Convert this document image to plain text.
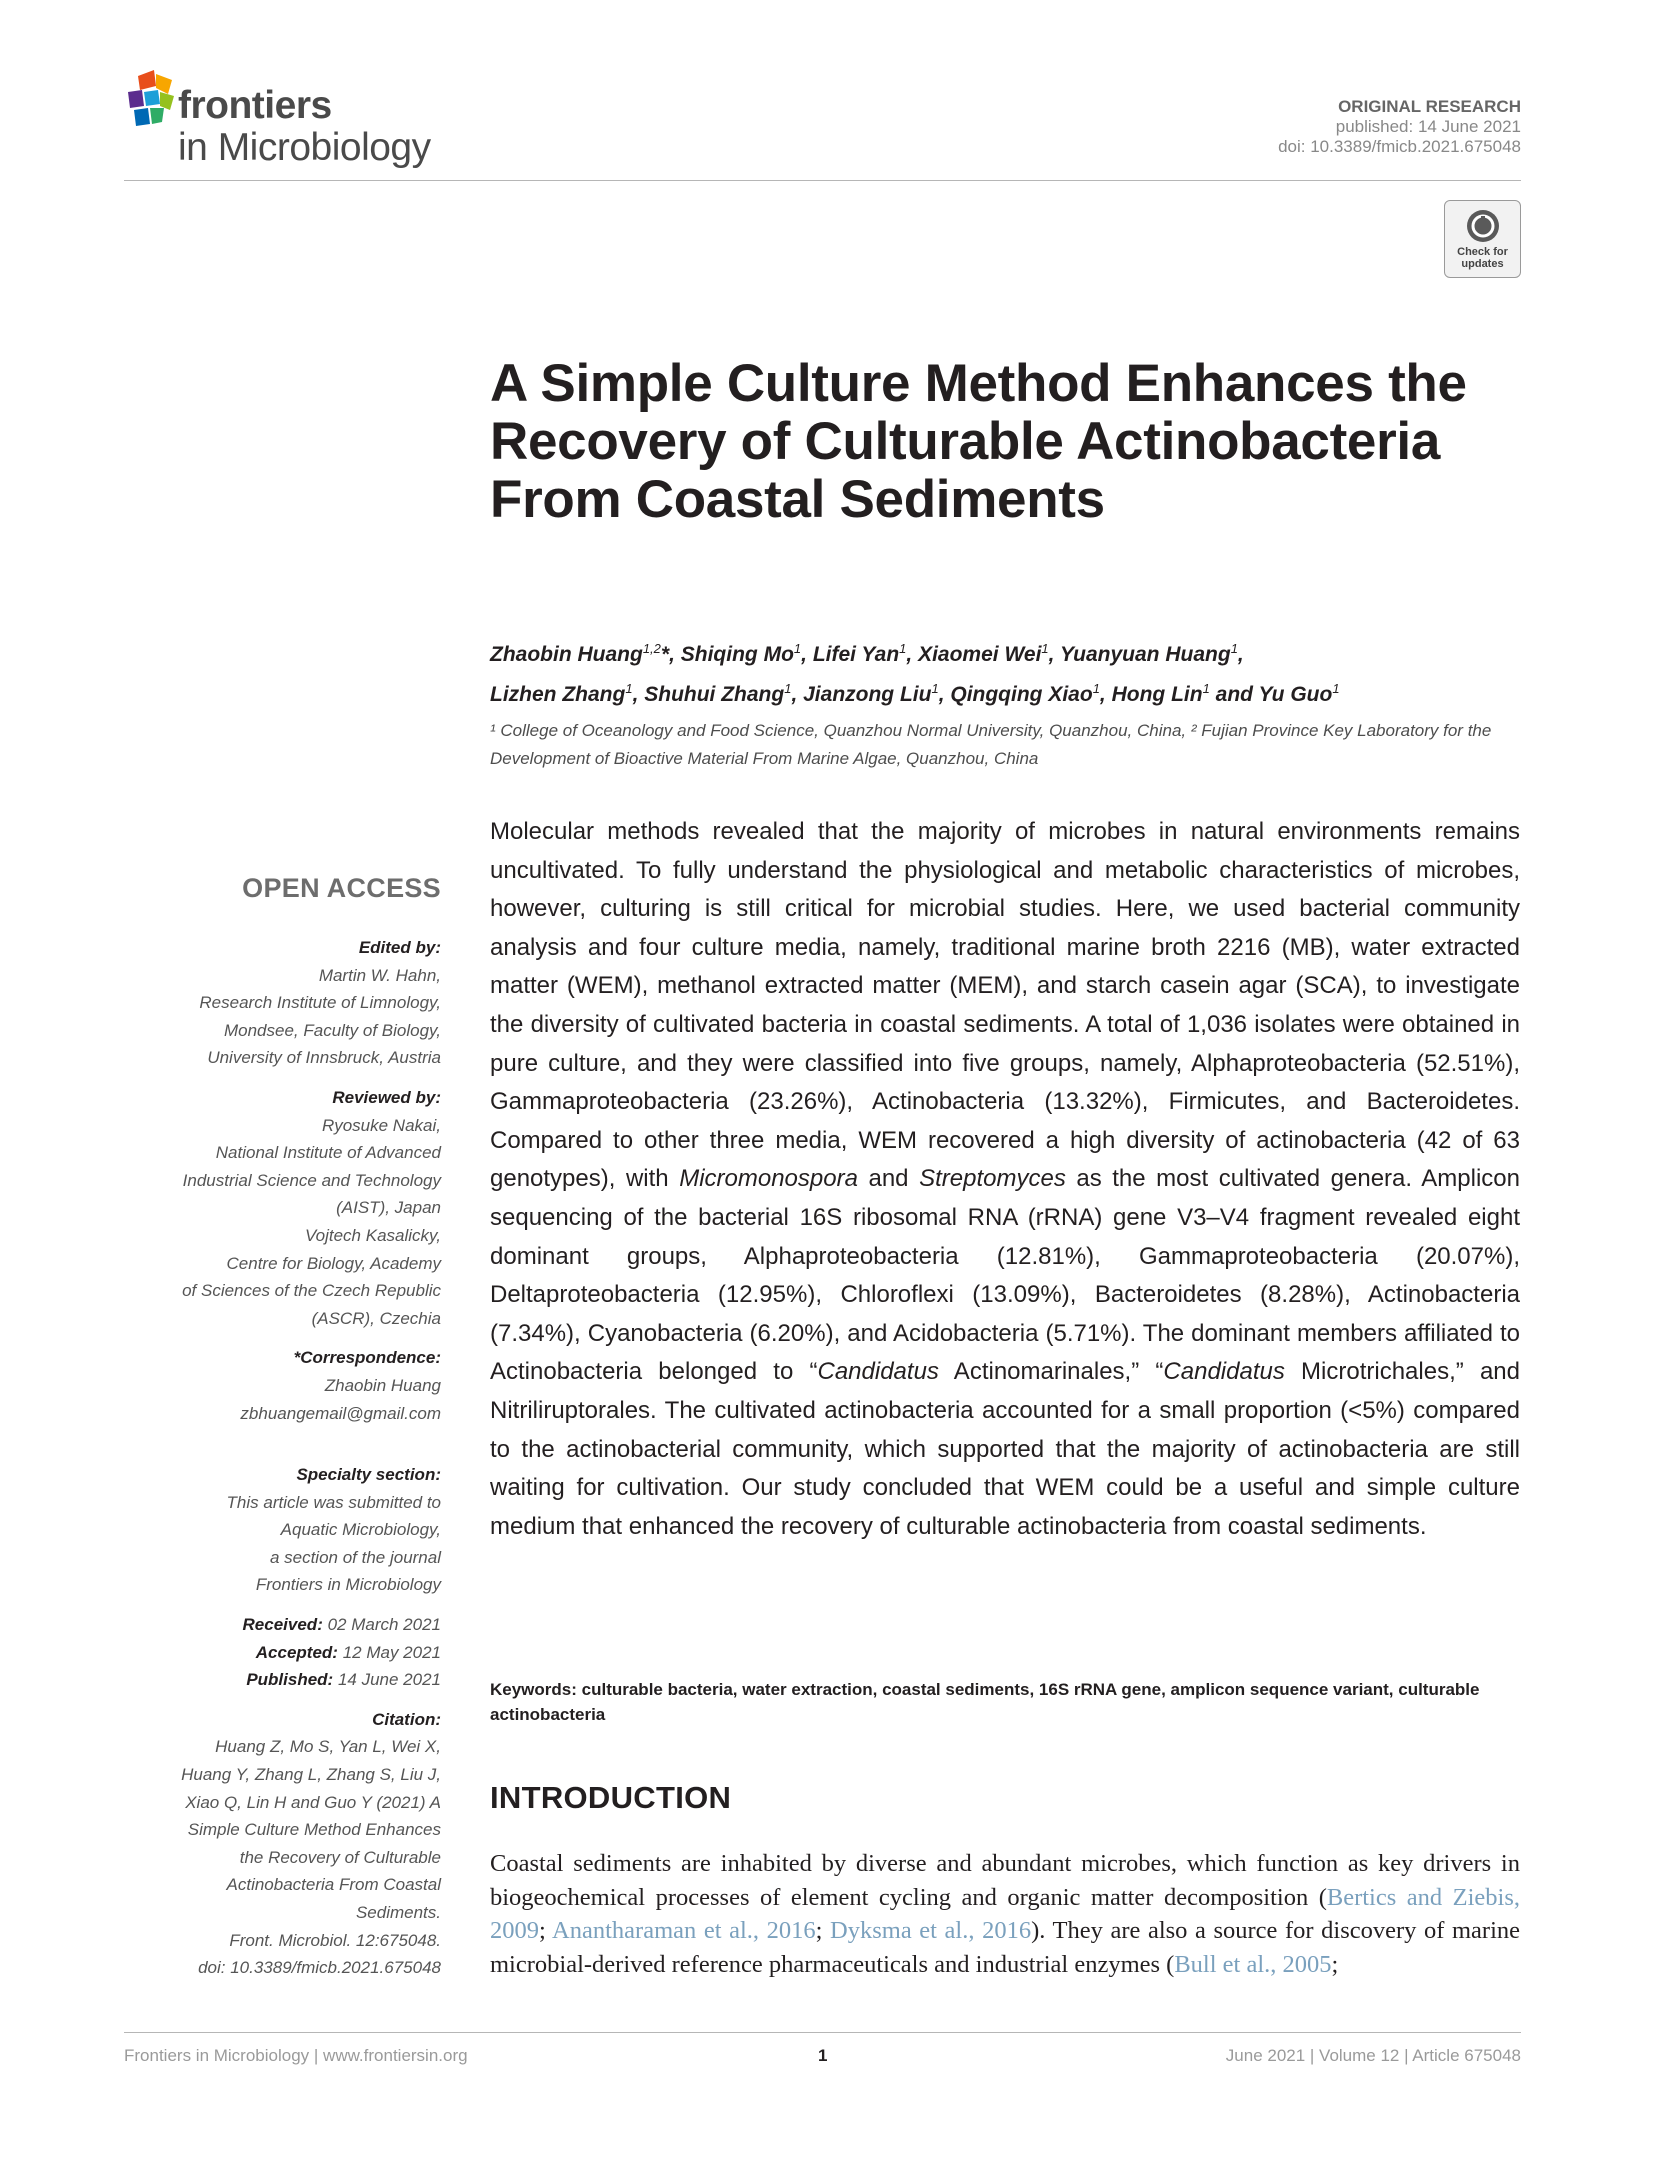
frontiers
in Microbiology
ORIGINAL RESEARCH
published: 14 June 2021
doi: 10.3389/fmicb.2021.675048
Check for
updates
A Simple Culture Method Enhances the Recovery of Culturable Actinobacteria From Coastal Sediments
Zhaobin Huang$^{1,2}$*, Shiqing Mo$^1$, Lifei Yan$^1$, Xiaomei Wei$^1$, Yuanyuan Huang$^1$,
Lizhen Zhang$^1$, Shuhui Zhang$^1$, Jianzong Liu$^1$, Qingqing Xiao$^1$, Hong Lin$^1$ and Yu Guo$^1$
¹ College of Oceanology and Food Science, Quanzhou Normal University, Quanzhou, China, ² Fujian Province Key Laboratory for the Development of Bioactive Material From Marine Algae, Quanzhou, China
Molecular methods revealed that the majority of microbes in natural environments remains uncultivated. To fully understand the physiological and metabolic characteristics of microbes, however, culturing is still critical for microbial studies. Here, we used bacterial community analysis and four culture media, namely, traditional marine broth 2216 (MB), water extracted matter (WEM), methanol extracted matter (MEM), and starch casein agar (SCA), to investigate the diversity of cultivated bacteria in coastal sediments. A total of 1,036 isolates were obtained in pure culture, and they were classified into five groups, namely, Alphaproteobacteria (52.51%), Gammaproteobacteria (23.26%), Actinobacteria (13.32%), Firmicutes, and Bacteroidetes. Compared to other three media, WEM recovered a high diversity of actinobacteria (42 of 63 genotypes), with Micromonospora and Streptomyces as the most cultivated genera. Amplicon sequencing of the bacterial 16S ribosomal RNA (rRNA) gene V3–V4 fragment revealed eight dominant groups, Alphaproteobacteria (12.81%), Gammaproteobacteria (20.07%), Deltaproteobacteria (12.95%), Chloroflexi (13.09%), Bacteroidetes (8.28%), Actinobacteria (7.34%), Cyanobacteria (6.20%), and Acidobacteria (5.71%). The dominant members affiliated to Actinobacteria belonged to “Candidatus Actinomarinales,” “Candidatus Microtrichales,” and Nitriliruptorales. The cultivated actinobacteria accounted for a small proportion (<5%) compared to the actinobacterial community, which supported that the majority of actinobacteria are still waiting for cultivation. Our study concluded that WEM could be a useful and simple culture medium that enhanced the recovery of culturable actinobacteria from coastal sediments.
Keywords: culturable bacteria, water extraction, coastal sediments, 16S rRNA gene, amplicon sequence variant, culturable actinobacteria
OPEN ACCESS
Edited by:
Martin W. Hahn,
Research Institute of Limnology,
Mondsee, Faculty of Biology,
University of Innsbruck, Austria
Reviewed by:
Ryosuke Nakai,
National Institute of Advanced
Industrial Science and Technology
(AIST), Japan
Vojtech Kasalicky,
Centre for Biology, Academy
of Sciences of the Czech Republic
(ASCR), Czechia
*Correspondence:
Zhaobin Huang
zbhuangemail@gmail.com
Specialty section:
This article was submitted to
Aquatic Microbiology,
a section of the journal
Frontiers in Microbiology
Received: 02 March 2021
Accepted: 12 May 2021
Published: 14 June 2021
Citation:
Huang Z, Mo S, Yan L, Wei X,
Huang Y, Zhang L, Zhang S, Liu J,
Xiao Q, Lin H and Guo Y (2021) A
Simple Culture Method Enhances
the Recovery of Culturable
Actinobacteria From Coastal
Sediments.
Front. Microbiol. 12:675048.
doi: 10.3389/fmicb.2021.675048
INTRODUCTION
Coastal sediments are inhabited by diverse and abundant microbes, which function as key drivers in biogeochemical processes of element cycling and organic matter decomposition (Bertics and Ziebis, 2009; Anantharaman et al., 2016; Dyksma et al., 2016). They are also a source for discovery of marine microbial-derived reference pharmaceuticals and industrial enzymes (Bull et al., 2005;
Frontiers in Microbiology | www.frontiersin.org	1	June 2021 | Volume 12 | Article 675048
